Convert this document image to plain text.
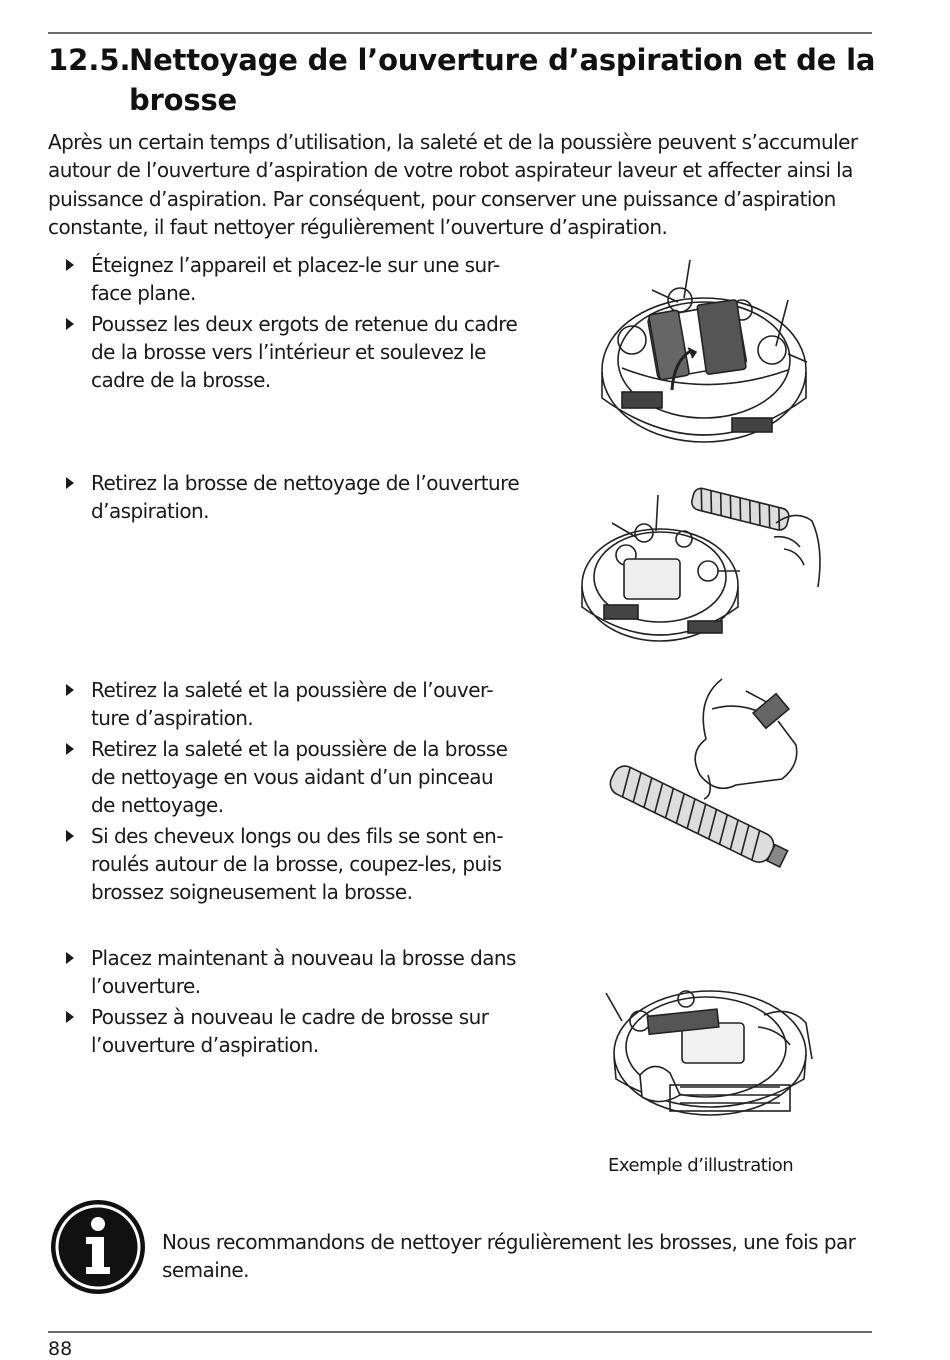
12.5.
Nettoyage de l’ouverture d’aspiration et de la brosse

Après un certain temps d’utilisation, la saleté et de la poussière peuvent s’accumuler autour de l’ouverture d’aspiration de votre robot aspirateur laveur et affecter ainsi la puissance d’aspiration. Par conséquent, pour conserver une puissance d’aspiration constante, il faut nettoyer régulièrement l’ouverture d’aspiration.

Éteignez l’appareil et placez-le sur une sur-
face plane.
Poussez les deux ergots de retenue du cadre
de la brosse vers l’intérieur et soulevez le
cadre de la brosse.
Retirez la brosse de nettoyage de l’ouverture
d’aspiration.
Retirez la saleté et la poussière de l’ouver-
ture d’aspiration.
Retirez la saleté et la poussière de la brosse
de nettoyage en vous aidant d’un pinceau
de nettoyage.
Si des cheveux longs ou des fils se sont en-
roulés autour de la brosse, coupez-les, puis
brossez soigneusement la brosse.
Placez maintenant à nouveau la brosse dans
l’ouverture.
Poussez à nouveau le cadre de brosse sur
l’ouverture d’aspiration.
Exemple d’illustration

Nous recommandons de nettoyer régulièrement les brosses, une fois par semaine.

88
